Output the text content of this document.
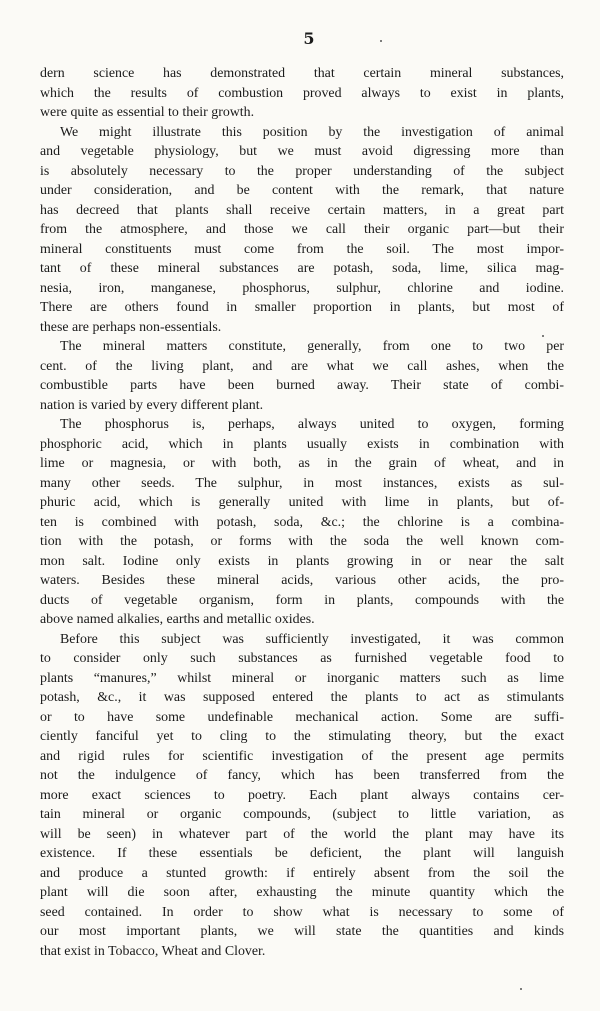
5
dern science has demonstrated that certain mineral substances,
which the results of combustion proved always to exist in plants,
were quite as essential to their growth.
We might illustrate this position by the investigation of animal
and vegetable physiology, but we must avoid digressing more than
is absolutely necessary to the proper understanding of the subject
under consideration, and be content with the remark, that nature
has decreed that plants shall receive certain matters, in a great part
from the atmosphere, and those we call their organic part—but their
mineral constituents must come from the soil. The most impor-
tant of these mineral substances are potash, soda, lime, silica mag-
nesia, iron, manganese, phosphorus, sulphur, chlorine and iodine.
There are others found in smaller proportion in plants, but most of
these are perhaps non-essentials.
The mineral matters constitute, generally, from one to two per
cent. of the living plant, and are what we call ashes, when the
combustible parts have been burned away. Their state of combi-
nation is varied by every different plant.
The phosphorus is, perhaps, always united to oxygen, forming
phosphoric acid, which in plants usually exists in combination with
lime or magnesia, or with both, as in the grain of wheat, and in
many other seeds. The sulphur, in most instances, exists as sul-
phuric acid, which is generally united with lime in plants, but of-
ten is combined with potash, soda, &c.; the chlorine is a combina-
tion with the potash, or forms with the soda the well known com-
mon salt. Iodine only exists in plants growing in or near the salt
waters. Besides these mineral acids, various other acids, the pro-
ducts of vegetable organism, form in plants, compounds with the
above named alkalies, earths and metallic oxides.
Before this subject was sufficiently investigated, it was common
to consider only such substances as furnished vegetable food to
plants “manures,” whilst mineral or inorganic matters such as lime
potash, &c., it was supposed entered the plants to act as stimulants
or to have some undefinable mechanical action. Some are suffi-
ciently fanciful yet to cling to the stimulating theory, but the exact
and rigid rules for scientific investigation of the present age permits
not the indulgence of fancy, which has been transferred from the
more exact sciences to poetry. Each plant always contains cer-
tain mineral or organic compounds, (subject to little variation, as
will be seen) in whatever part of the world the plant may have its
existence. If these essentials be deficient, the plant will languish
and produce a stunted growth: if entirely absent from the soil the
plant will die soon after, exhausting the minute quantity which the
seed contained. In order to show what is necessary to some of
our most important plants, we will state the quantities and kinds
that exist in Tobacco, Wheat and Clover.
